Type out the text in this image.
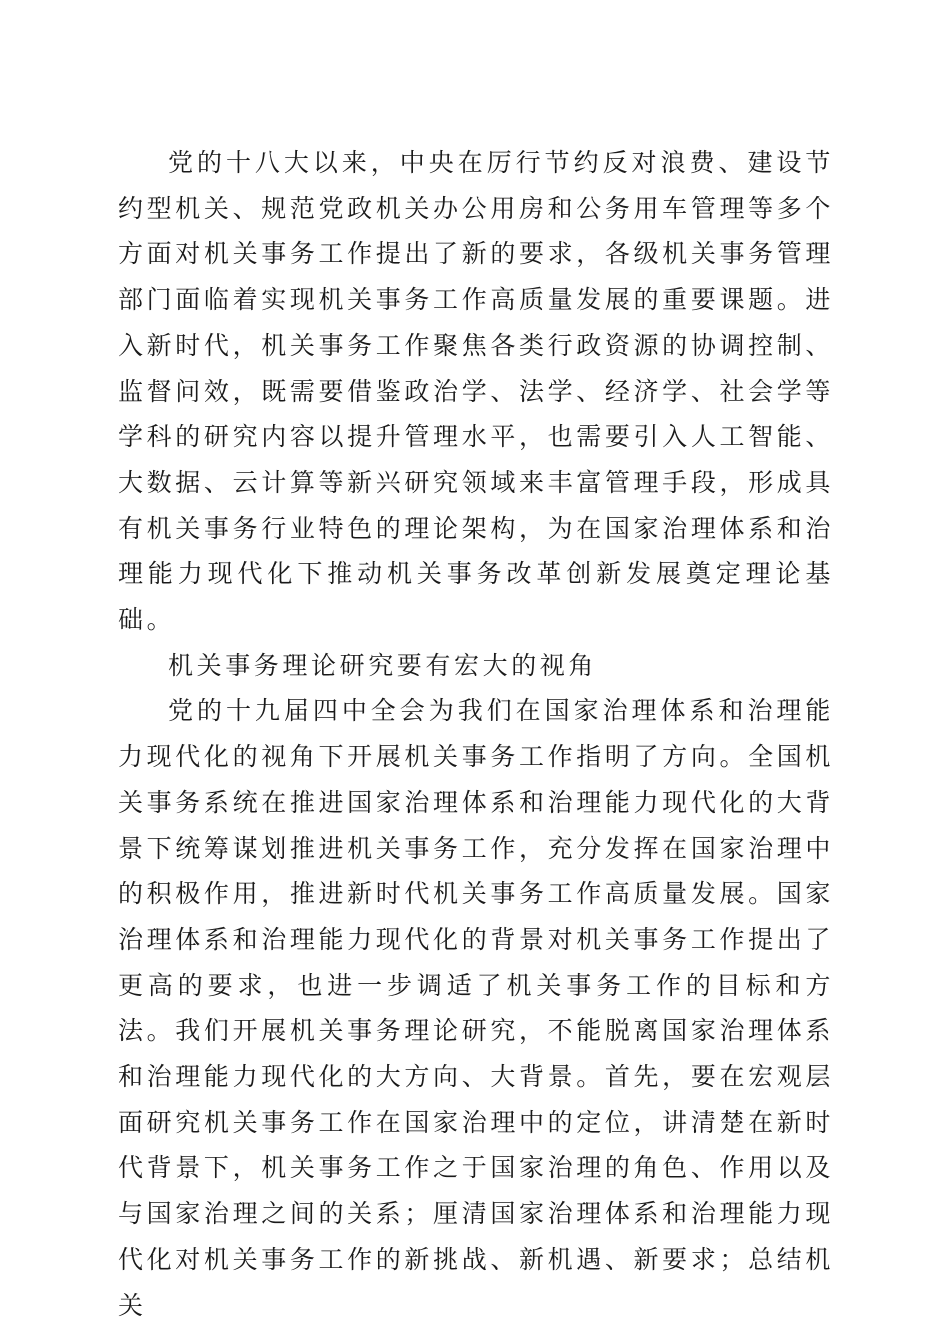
党的十八大以来，中央在厉行节约反对浪费、建设节约型机关、规范党政机关办公用房和公务用车管理等多个方面对机关事务工作提出了新的要求，各级机关事务管理部门面临着实现机关事务工作高质量发展的重要课题。进入新时代，机关事务工作聚焦各类行政资源的协调控制、监督问效，既需要借鉴政治学、法学、经济学、社会学等学科的研究内容以提升管理水平，也需要引入人工智能、大数据、云计算等新兴研究领域来丰富管理手段，形成具有机关事务行业特色的理论架构，为在国家治理体系和治理能力现代化下推动机关事务改革创新发展奠定理论基础。

机关事务理论研究要有宏大的视角

党的十九届四中全会为我们在国家治理体系和治理能力现代化的视角下开展机关事务工作指明了方向。全国机关事务系统在推进国家治理体系和治理能力现代化的大背景下统筹谋划推进机关事务工作，充分发挥在国家治理中的积极作用，推进新时代机关事务工作高质量发展。国家治理体系和治理能力现代化的背景对机关事务工作提出了更高的要求，也进一步调适了机关事务工作的目标和方法。我们开展机关事务理论研究，不能脱离国家治理体系和治理能力现代化的大方向、大背景。首先，要在宏观层面研究机关事务工作在国家治理中的定位，讲清楚在新时代背景下，机关事务工作之于国家治理的角色、作用以及与国家治理之间的关系；厘清国家治理体系和治理能力现代化对机关事务工作的新挑战、新机遇、新要求；总结机关
